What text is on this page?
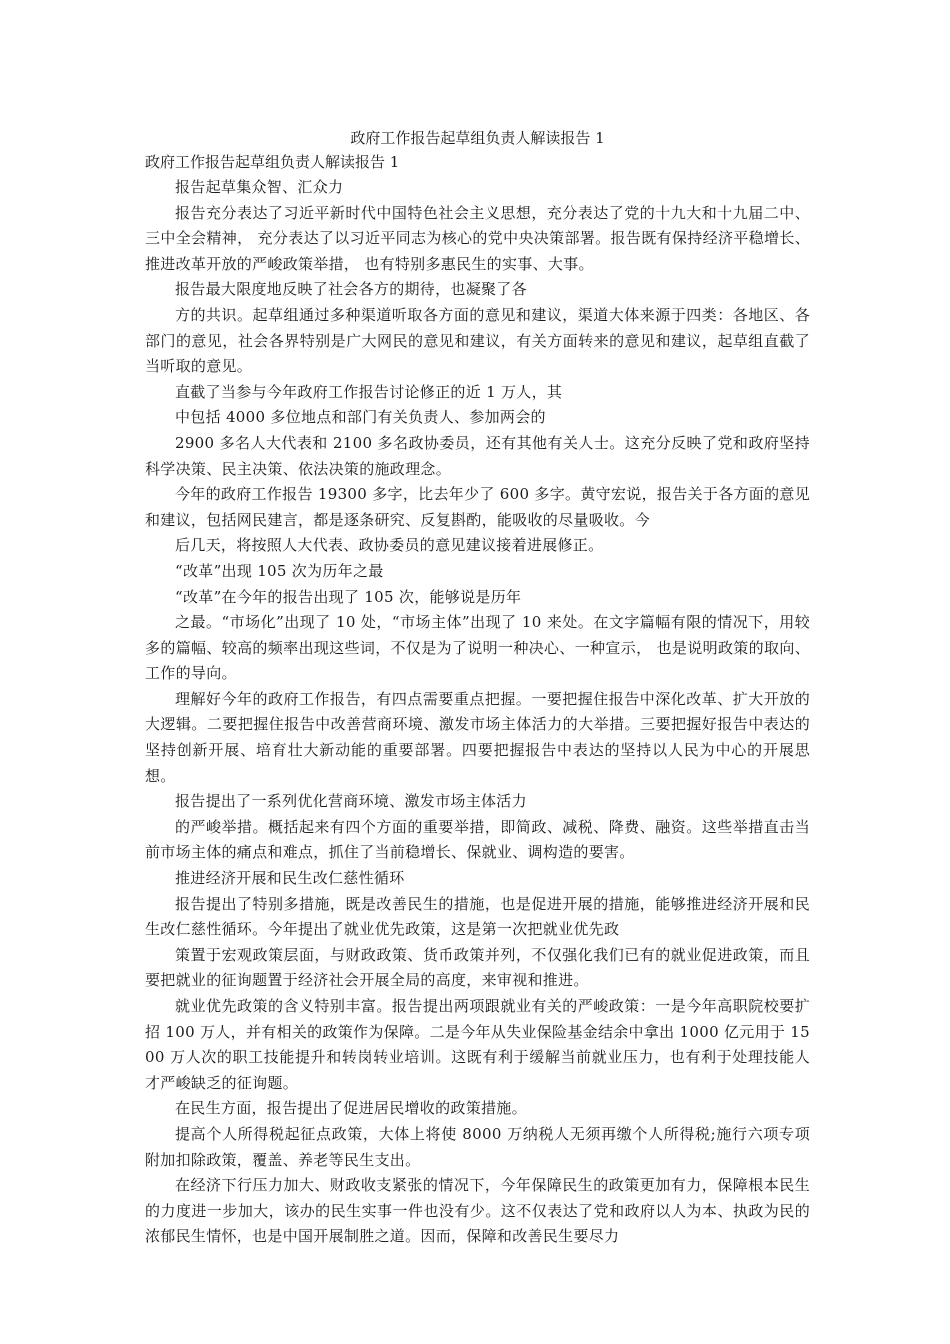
政府工作报告起草组负责人解读报告 1

政府工作报告起草组负责人解读报告 1

报告起草集众智、汇众力

报告充分表达了习近平新时代中国特色社会主义思想，充分表达了党的十九大和十九届二中、三中全会精神， 充分表达了以习近平同志为核心的党中央决策部署。报告既有保持经济平稳增长、推进改革开放的严峻政策举措， 也有特别多惠民生的实事、大事。

报告最大限度地反映了社会各方的期待，也凝聚了各

方的共识。起草组通过多种渠道听取各方面的意见和建议，渠道大体来源于四类：各地区、各部门的意见，社会各界特别是广大网民的意见和建议，有关方面转来的意见和建议，起草组直截了当听取的意见。

直截了当参与今年政府工作报告讨论修正的近 1 万人，其

中包括 4000 多位地点和部门有关负责人、参加两会的

2900 多名人大代表和 2100 多名政协委员，还有其他有关人士。这充分反映了党和政府坚持科学决策、民主决策、依法决策的施政理念。

今年的政府工作报告 19300 多字，比去年少了 600 多字。黄守宏说，报告关于各方面的意见和建议，包括网民建言，都是逐条研究、反复斟酌，能吸收的尽量吸收。今

后几天，将按照人大代表、政协委员的意见建议接着进展修正。

“改革”出现 105 次为历年之最

“改革”在今年的报告出现了 105 次，能够说是历年

之最。“市场化”出现了 10 处，“市场主体”出现了 10 来处。在文字篇幅有限的情况下，用较多的篇幅、较高的频率出现这些词，不仅是为了说明一种决心、一种宣示， 也是说明政策的取向、工作的导向。

理解好今年的政府工作报告，有四点需要重点把握。一要把握住报告中深化改革、扩大开放的大逻辑。二要把握住报告中改善营商环境、激发市场主体活力的大举措。三要把握好报告中表达的坚持创新开展、培育壮大新动能的重要部署。四要把握报告中表达的坚持以人民为中心的开展思想。

报告提出了一系列优化营商环境、激发市场主体活力

的严峻举措。概括起来有四个方面的重要举措，即简政、减税、降费、融资。这些举措直击当前市场主体的痛点和难点，抓住了当前稳增长、保就业、调构造的要害。

推进经济开展和民生改仁慈性循环

报告提出了特别多措施，既是改善民生的措施，也是促进开展的措施，能够推进经济开展和民生改仁慈性循环。今年提出了就业优先政策，这是第一次把就业优先政

策置于宏观政策层面，与财政政策、货币政策并列，不仅强化我们已有的就业促进政策，而且要把就业的征询题置于经济社会开展全局的高度，来审视和推进。

就业优先政策的含义特别丰富。报告提出两项跟就业有关的严峻政策：一是今年高职院校要扩招 100 万人，并有相关的政策作为保障。二是今年从失业保险基金结余中拿出 1000 亿元用于 1500 万人次的职工技能提升和转岗转业培训。这既有利于缓解当前就业压力，也有利于处理技能人才严峻缺乏的征询题。

在民生方面，报告提出了促进居民增收的政策措施。

提高个人所得税起征点政策，大体上将使 8000 万纳税人无须再缴个人所得税;施行六项专项附加扣除政策，覆盖、养老等民生支出。

在经济下行压力加大、财政收支紧张的情况下，今年保障民生的政策更加有力，保障根本民生的力度进一步加大，该办的民生实事一件也没有少。这不仅表达了党和政府以人为本、执政为民的浓郁民生情怀，也是中国开展制胜之道。因而，保障和改善民生要尽力
